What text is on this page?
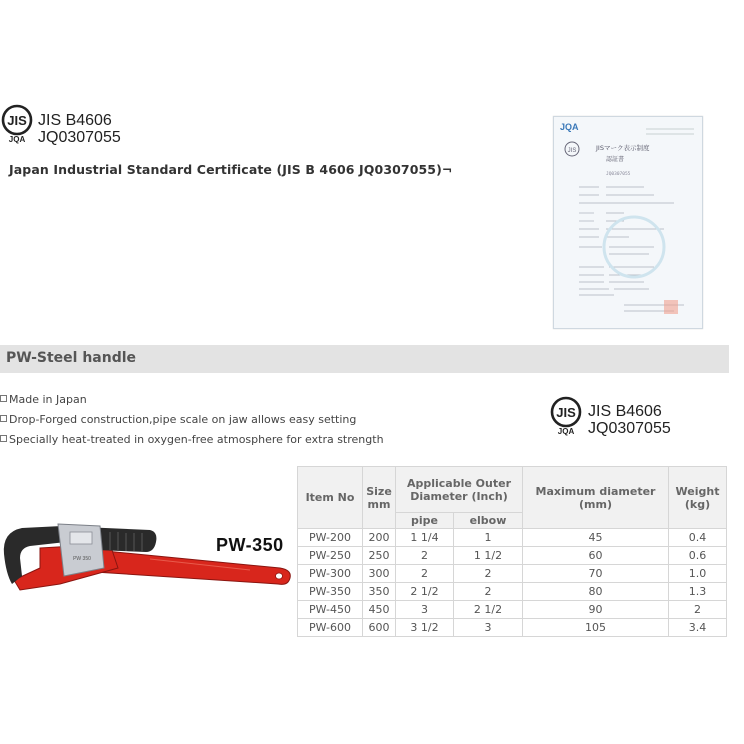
JIS
JQA
JIS B4606
JQ0307055
Japan Industrial Standard Certificate (JIS B 4606 JQ0307055)¬
JQA
JIS	JISマーク表示制度
認証書
JQ0307055
PW-Steel handle
Made in Japan
Drop-Forged construction,pipe scale on jaw allows easy setting
Specially heat-treated in oxygen-free atmosphere for extra strength
JIS
JQA
JIS B4606
JQ0307055
PW 350
PW-350
Item No	Size mm	Applicable Outer Diameter (Inch)		Maximum diameter (mm)	Weight (kg)
		pipe	elbow		
PW-200	200	1 1/4	1	45	0.4
PW-250	250	2	1 1/2	60	0.6
PW-300	300	2	2	70	1.0
PW-350	350	2 1/2	2	80	1.3
PW-450	450	3	2 1/2	90	2
PW-600	600	3 1/2	3	105	3.4
